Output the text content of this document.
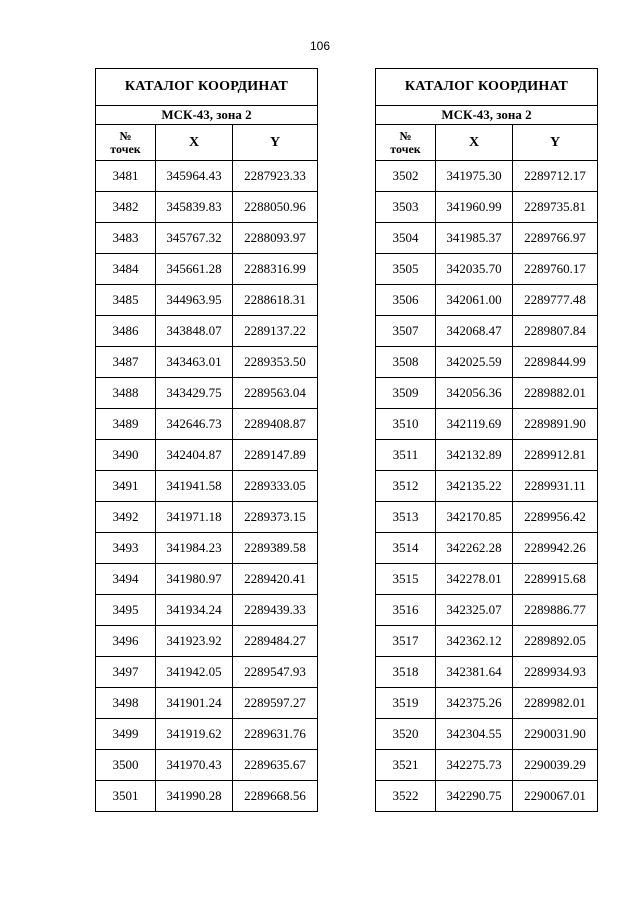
106
КАТАЛОГ КООРДИНАТ		
МСК-43, зона 2		
№
точек	X	Y
3481	345964.43	2287923.33
3482	345839.83	2288050.96
3483	345767.32	2288093.97
3484	345661.28	2288316.99
3485	344963.95	2288618.31
3486	343848.07	2289137.22
3487	343463.01	2289353.50
3488	343429.75	2289563.04
3489	342646.73	2289408.87
3490	342404.87	2289147.89
3491	341941.58	2289333.05
3492	341971.18	2289373.15
3493	341984.23	2289389.58
3494	341980.97	2289420.41
3495	341934.24	2289439.33
3496	341923.92	2289484.27
3497	341942.05	2289547.93
3498	341901.24	2289597.27
3499	341919.62	2289631.76
3500	341970.43	2289635.67
3501	341990.28	2289668.56
КАТАЛОГ КООРДИНАТ		
МСК-43, зона 2		
№
точек	X	Y
3502	341975.30	2289712.17
3503	341960.99	2289735.81
3504	341985.37	2289766.97
3505	342035.70	2289760.17
3506	342061.00	2289777.48
3507	342068.47	2289807.84
3508	342025.59	2289844.99
3509	342056.36	2289882.01
3510	342119.69	2289891.90
3511	342132.89	2289912.81
3512	342135.22	2289931.11
3513	342170.85	2289956.42
3514	342262.28	2289942.26
3515	342278.01	2289915.68
3516	342325.07	2289886.77
3517	342362.12	2289892.05
3518	342381.64	2289934.93
3519	342375.26	2289982.01
3520	342304.55	2290031.90
3521	342275.73	2290039.29
3522	342290.75	2290067.01
